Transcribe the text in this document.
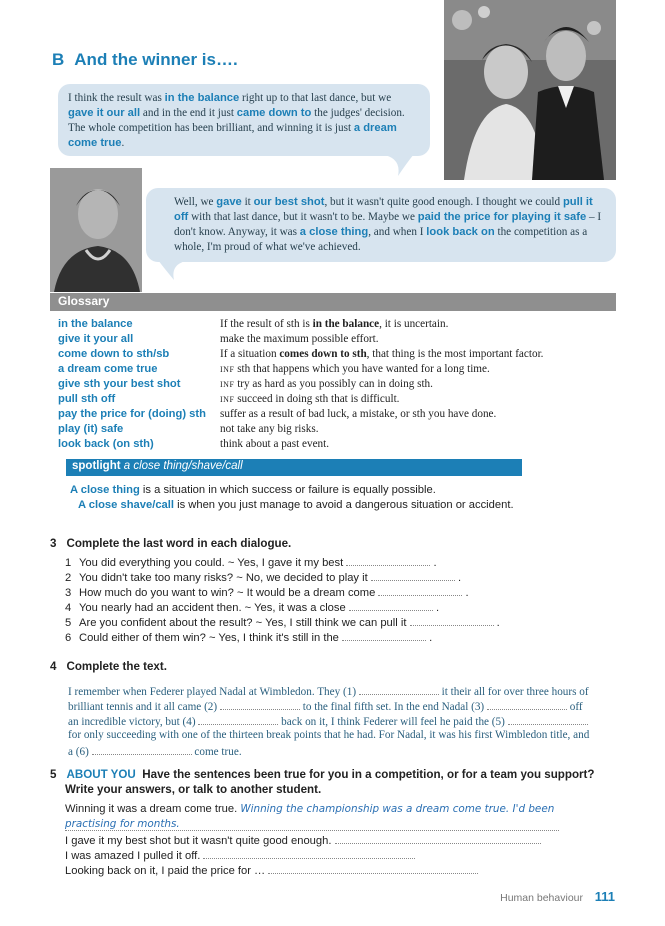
B And the winner is….

I think the result was in the balance right up to that last dance, but we
gave it our all and in the end it just came down to the judges' decision.
The whole competition has been brilliant, and winning it is just a dream
come true.

Well, we gave it our best shot, but it wasn't quite good enough. I thought we could pull it
off with that last dance, but it wasn't to be. Maybe we paid the price for playing it safe – I
don't know. Anyway, it was a close thing, and when I look back on the competition as a
whole, I'm proud of what we've achieved.

Glossary
in the balance	If the result of sth is in the balance, it is uncertain.
give it your all	make the maximum possible effort.
come down to sth/sb	If a situation comes down to sth, that thing is the most important factor.
a dream come true	INF sth that happens which you have wanted for a long time.
give sth your best shot	INF try as hard as you possibly can in doing sth.
pull sth off	INF succeed in doing sth that is difficult.
pay the price for (doing) sth suffer as a result of bad luck, a mistake, or sth you have done.
play (it) safe	not take any big risks.
look back (on sth)	think about a past event.
spotlight a close thing/shave/call
A close thing is a situation in which success or failure is equally possible.
A close shave/call is when you just manage to avoid a dangerous situation or accident.
3 Complete the last word in each dialogue.
1 You did everything you could. ~ Yes, I gave it my best	.
2 You didn't take too many risks? ~ No, we decided to play it	.
3 How much do you want to win? ~ It would be a dream come	.
4 You nearly had an accident then. ~ Yes, it was a close	.
5 Are you confident about the result? ~ Yes, I still think we can pull it	.
6 Could either of them win? ~ Yes, I think it's still in the	.
4 Complete the text.
I remember when Federer played Nadal at Wimbledon. They (1)	it their all for over three hours of
brilliant tennis and it all came (2)	to the final fifth set. In the end Nadal (3)	off
an incredible victory, but (4)	back on it, I think Federer will feel he paid the (5)
for only succeeding with one of the thirteen break points that he had. For Nadal, it was his first Wimbledon title, and
a (6)	come true.
5 ABOUT YOU Have the sentences been true for you in a competition, or for a team you support?
Write your answers, or talk to another student.
Winning it was a dream come true. Winning the championship was a dream come true. I'd been
practising for months.
I gave it my best shot but it wasn't quite good enough.
I was amazed I pulled it off.
Looking back on it, I paid the price for …
Human behaviour 111
